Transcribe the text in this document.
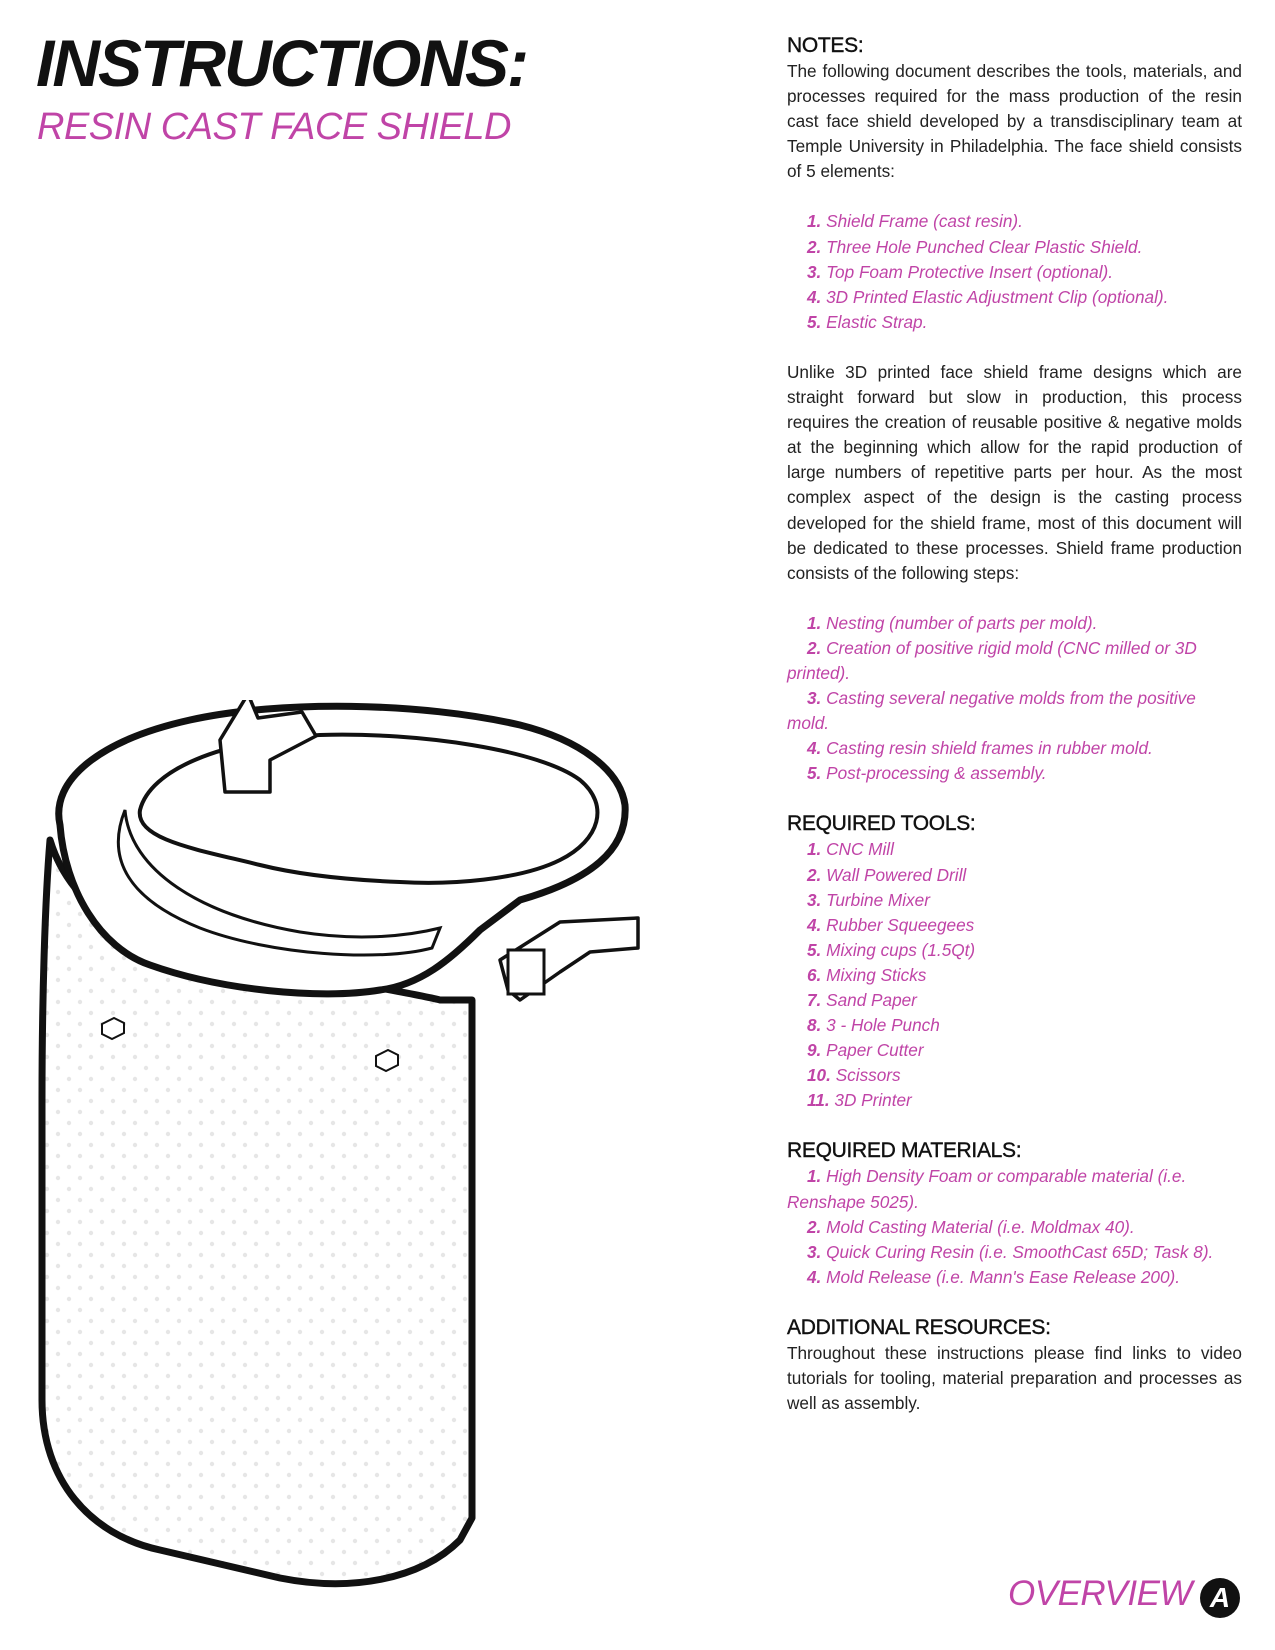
INSTRUCTIONS:
RESIN CAST FACE SHIELD
NOTES:

The following document describes the tools, materials, and processes required for the mass production of the resin cast face shield developed by a transdisciplinary team at Temple University in Philadelphia. The face shield consists of 5 elements:

1. Shield Frame (cast resin).
2. Three Hole Punched Clear Plastic Shield.
3. Top Foam Protective Insert (optional).
4. 3D Printed Elastic Adjustment Clip (optional).
5. Elastic Strap.

Unlike 3D printed face shield frame designs which are straight forward but slow in production, this process requires the creation of reusable positive & negative molds at the beginning which allow for the rapid production of large numbers of repetitive parts per hour. As the most complex aspect of the design is the casting process developed for the shield frame, most of this document will be dedicated to these processes. Shield frame production consists of the following steps:

1. Nesting (number of parts per mold).
2. Creation of positive rigid mold (CNC milled or 3D printed).
3. Casting several negative molds from the positive mold.
4. Casting resin shield frames in rubber mold.
5. Post-processing & assembly.
REQUIRED TOOLS:
1. CNC Mill
2. Wall Powered Drill
3. Turbine Mixer
4. Rubber Squeegees
5. Mixing cups (1.5Qt)
6. Mixing Sticks
7. Sand Paper
8. 3 - Hole Punch
9. Paper Cutter
10. Scissors
11. 3D Printer
REQUIRED MATERIALS:
1. High Density Foam or comparable material (i.e. Renshape 5025).
2. Mold Casting Material (i.e. Moldmax 40).
3. Quick Curing Resin (i.e. SmoothCast 65D; Task 8).
4. Mold Release (i.e. Mann's Ease Release 200).
ADDITIONAL RESOURCES:

Throughout these instructions please find links to video tutorials for tooling, material preparation and processes as well as assembly.

OVERVIEW A
